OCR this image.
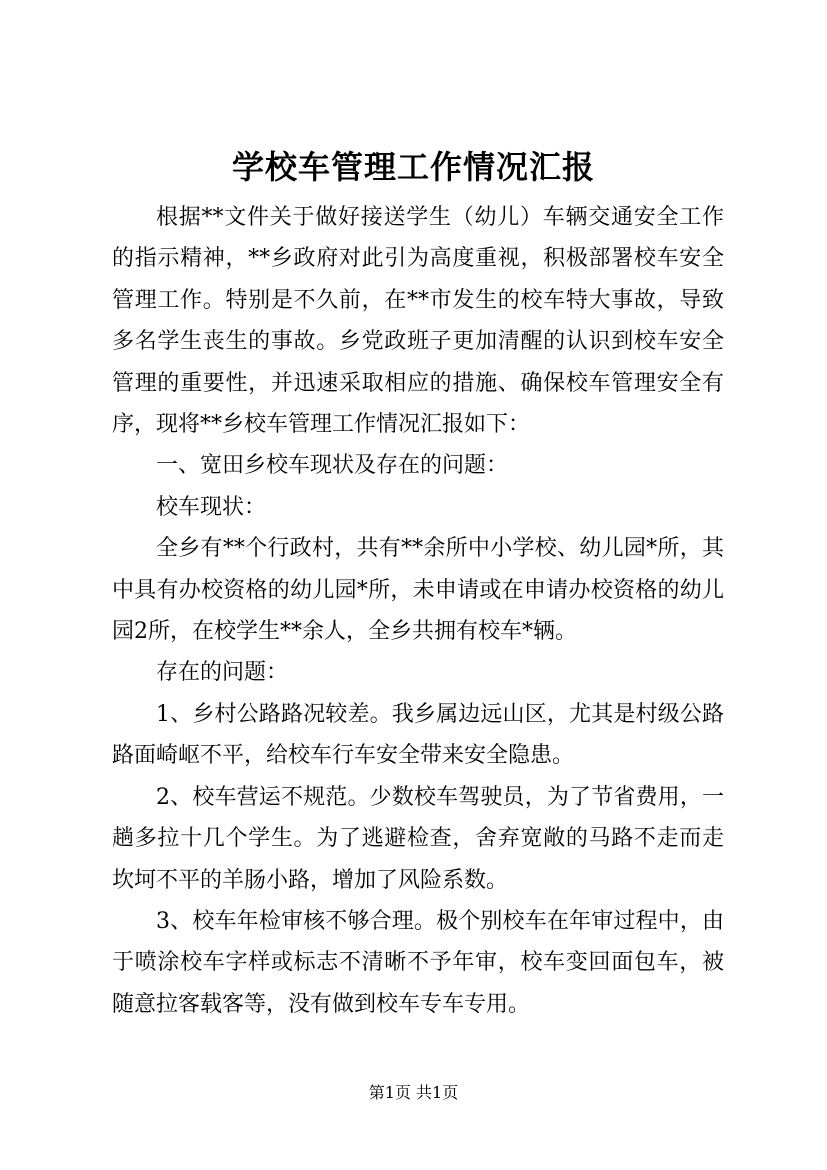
学校车管理工作情况汇报

根据**文件关于做好接送学生（幼儿）车辆交通安全工作的指示精神，**乡政府对此引为高度重视，积极部署校车安全管理工作。特别是不久前，在**市发生的校车特大事故，导致多名学生丧生的事故。乡党政班子更加清醒的认识到校车安全管理的重要性，并迅速采取相应的措施、确保校车管理安全有序，现将**乡校车管理工作情况汇报如下：

一、宽田乡校车现状及存在的问题：

校车现状：

全乡有**个行政村，共有**余所中小学校、幼儿园*所，其中具有办校资格的幼儿园*所，未申请或在申请办校资格的幼儿园2所，在校学生**余人，全乡共拥有校车*辆。

存在的问题：

1、乡村公路路况较差。我乡属边远山区，尤其是村级公路路面崎岖不平，给校车行车安全带来安全隐患。

2、校车营运不规范。少数校车驾驶员，为了节省费用，一趟多拉十几个学生。为了逃避检查，舍弃宽敞的马路不走而走坎坷不平的羊肠小路，增加了风险系数。

3、校车年检审核不够合理。极个别校车在年审过程中，由于喷涂校车字样或标志不清晰不予年审，校车变回面包车，被随意拉客载客等，没有做到校车专车专用。

第1页 共1页
